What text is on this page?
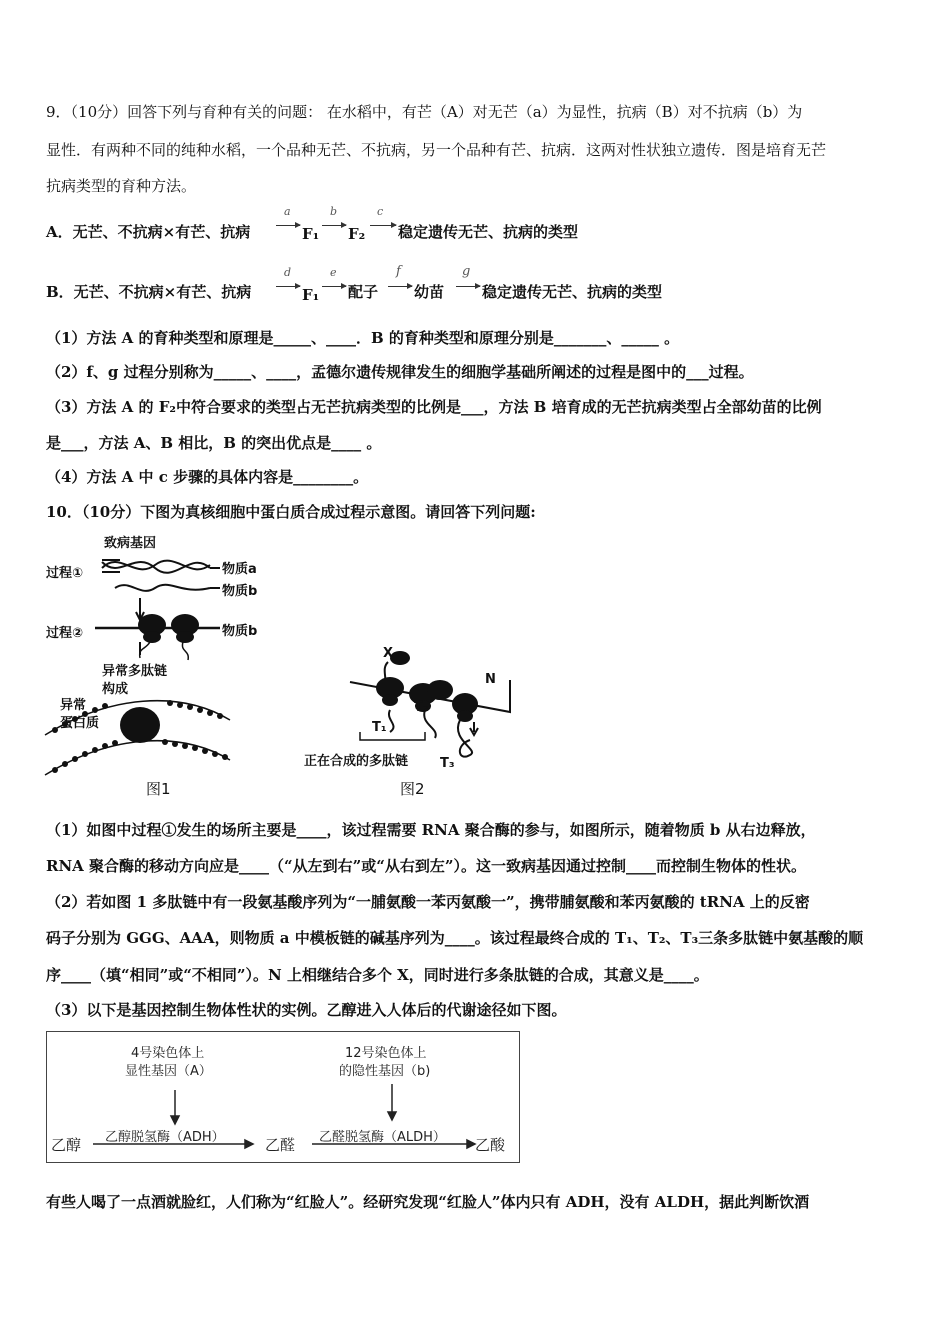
9．（10分）回答下列与育种有关的问题： 在水稻中，有芒（A）对无芒（a）为显性，抗病（B）对不抗病（b）为
显性．有两种不同的纯种水稻，一个品种无芒、不抗病，另一个品种有芒、抗病．这两对性状独立遗传．图是培育无芒
抗病类型的育种方法。
A．无芒、不抗病×有芒、抗病
a
F₁
b
F₂
c
稳定遗传无芒、抗病的类型
B．无芒、不抗病×有芒、抗病
d
F₁
e
配子
f
幼苗
g
稳定遗传无芒、抗病的类型
（1）方法 A 的育种类型和原理是_____、____．B 的育种类型和原理分别是_______、_____ 。
（2）f、g 过程分别称为_____、____，孟德尔遗传规律发生的细胞学基础所阐述的过程是图中的___过程。
（3）方法 A 的 F₂中符合要求的类型占无芒抗病类型的比例是___，方法 B 培育成的无芒抗病类型占全部幼苗的比例
是___，方法 A、B 相比，B 的突出优点是____ 。
（4）方法 A 中 c 步骤的具体内容是________。
10．（10分）下图为真核细胞中蛋白质合成过程示意图。请回答下列问题:
致病基因
过程①
过程②
物质a
物质b
物质b
异常多肽链
构成
异常
蛋白质
图1
X
N
T₁
T₂
T₃
正在合成的多肽链
图2
（1）如图中过程①发生的场所主要是____，该过程需要 RNA 聚合酶的参与，如图所示，随着物质 b 从右边释放，
RNA 聚合酶的移动方向应是____（“从左到右”或“从右到左”）。这一致病基因通过控制____而控制生物体的性状。
（2）若如图 1 多肽链中有一段氨基酸序列为“一脯氨酸一苯丙氨酸一”，携带脯氨酸和苯丙氨酸的 tRNA 上的反密
码子分别为 GGG、AAA，则物质 a 中模板链的碱基序列为____。该过程最终合成的 T₁、T₂、T₃三条多肽链中氨基酸的顺
序____（填“相同”或“不相同”）。N 上相继结合多个 X，同时进行多条肽链的合成，其意义是____。
（3）以下是基因控制生物体性状的实例。乙醇进入人体后的代谢途径如下图。
4号染色体上
显性基因（A）
12号染色体上
的隐性基因（b)
乙醇 乙醇脱氢酶（ADH）	乙醛 乙醛脱氢酶（ALDH） 乙酸
有些人喝了一点酒就脸红，人们称为“红脸人”。经研究发现“红脸人”体内只有 ADH，没有 ALDH，据此判断饮酒
